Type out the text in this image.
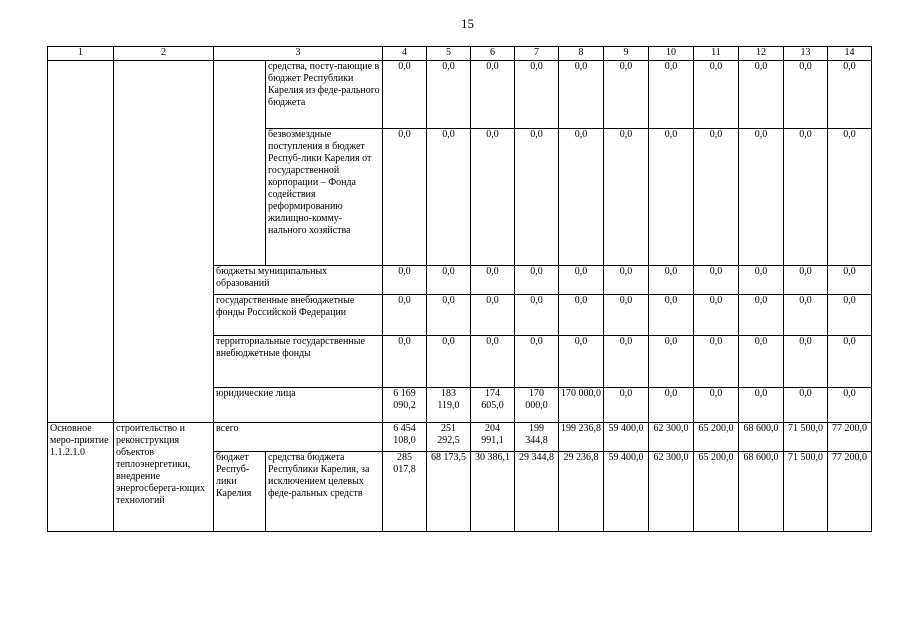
15
1	2	3		4	5	6	7	8	9	10	11	12	13	14
			средства, посту-пающие в бюджет Республики Карелия из феде-рального бюджета	0,0	0,0	0,0	0,0	0,0	0,0	0,0	0,0	0,0	0,0	0,0
			безвозмездные поступления в бюджет Респуб-лики Карелия от государственной корпорации – Фонда содействия реформированию жилищно-комму-нального хозяйства	0,0	0,0	0,0	0,0	0,0	0,0	0,0	0,0	0,0	0,0	0,0
		бюджеты муниципальных образований		0,0	0,0	0,0	0,0	0,0	0,0	0,0	0,0	0,0	0,0	0,0
		государственные внебюджетные фонды Российской Федерации		0,0	0,0	0,0	0,0	0,0	0,0	0,0	0,0	0,0	0,0	0,0
		территориальные государственные внебюджетные фонды		0,0	0,0	0,0	0,0	0,0	0,0	0,0	0,0	0,0	0,0	0,0
		юридические лица		6 169 090,2	183 119,0	174 605,0	170 000,0	170 000,0	0,0	0,0	0,0	0,0	0,0	0,0
Основное меро-приятие 1.1.2.1.0	строительство и реконструкция объектов теплоэнергетики, внедрение энергосберега-ющих технологий	всего		6 454 108,0	251 292,5	204 991,1	199 344,8	199 236,8	59 400,0	62 300,0	65 200,0	68 600,0	71 500,0	77 200,0
		бюджет Респуб-лики Карелия	средства бюджета Республики Карелия, за исключением целевых феде-ральных средств	285 017,8	68 173,5	30 386,1	29 344,8	29 236,8	59 400,0	62 300,0	65 200,0	68 600,0	71 500,0	77 200,0
